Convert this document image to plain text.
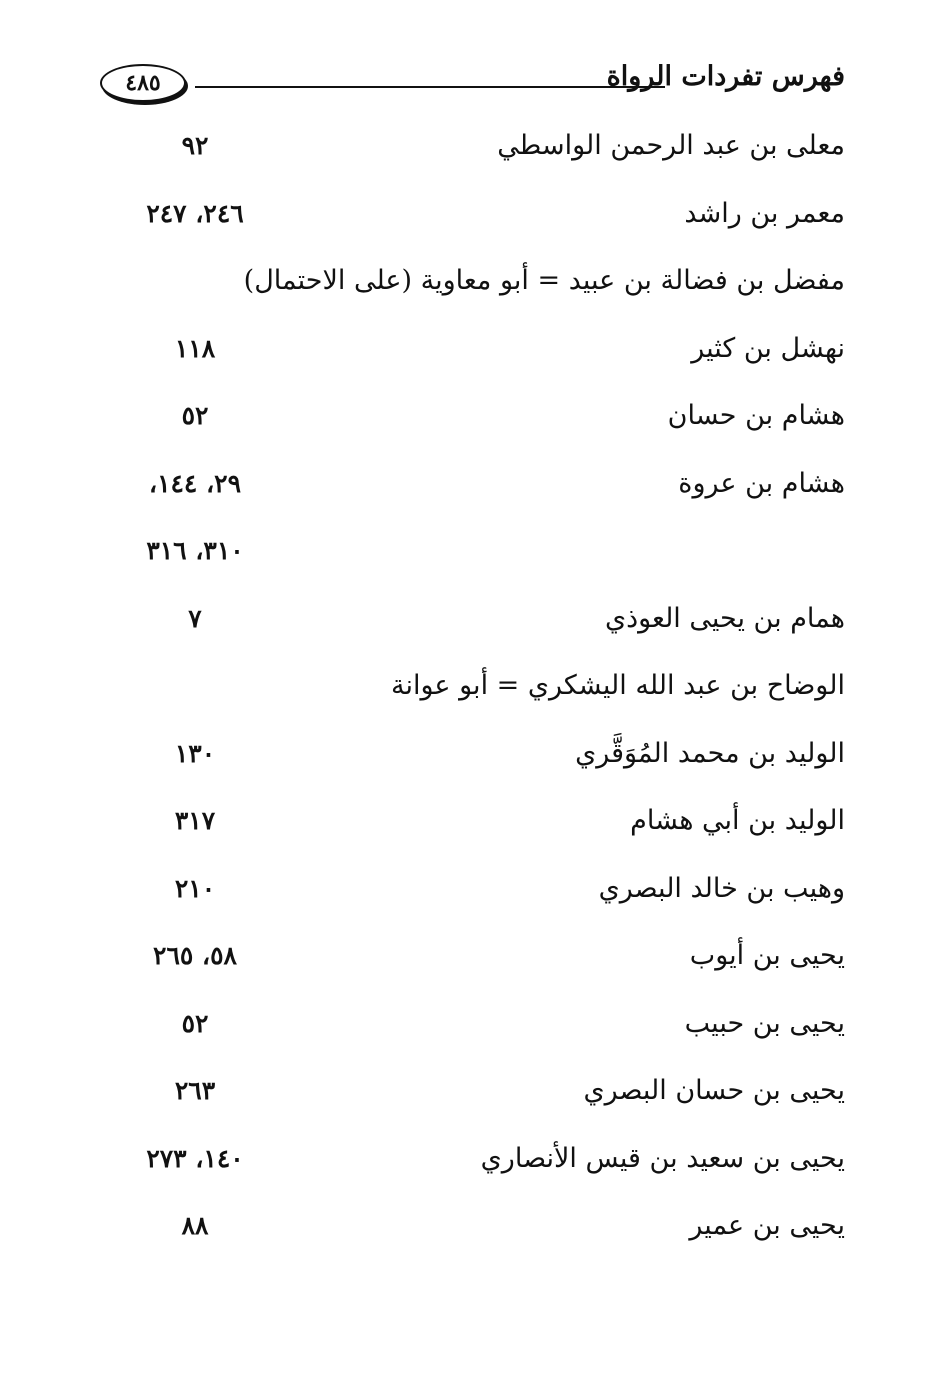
فهرس تفردات الرواة
٤٨٥
معلى بن عبد الرحمن الواسطي
٩٢
معمر بن راشد
٢٤٦، ٢٤٧
مفضل بن فضالة بن عبيد = أبو معاوية (على الاحتمال)
نهشل بن كثير
١١٨
هشام بن حسان
٥٢
هشام بن عروة
٢٩، ١٤٤،
٣١٠، ٣١٦
همام بن يحيى العوذي
٧
الوضاح بن عبد الله اليشكري = أبو عوانة
الوليد بن محمد المُوَقَّري
١٣٠
الوليد بن أبي هشام
٣١٧
وهيب بن خالد البصري
٢١٠
يحيى بن أيوب
٥٨، ٢٦٥
يحيى بن حبيب
٥٢
يحيى بن حسان البصري
٢٦٣
يحيى بن سعيد بن قيس الأنصاري
١٤٠، ٢٧٣
يحيى بن عمير
٨٨
